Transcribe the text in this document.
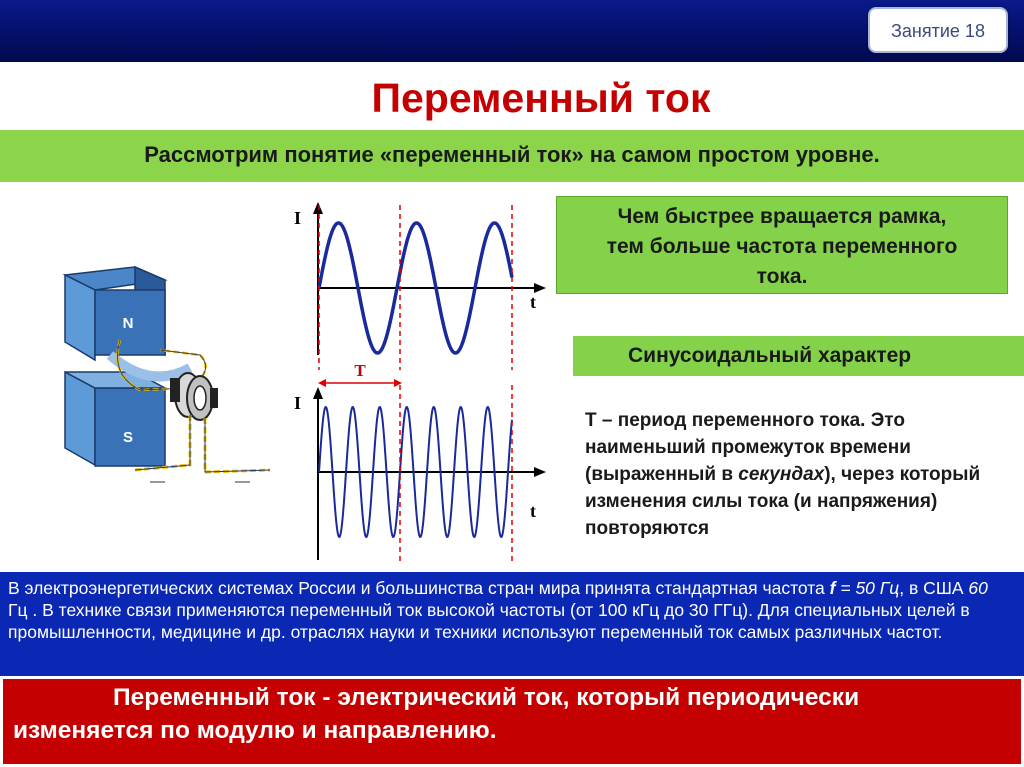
Занятие 18
Переменный ток
Рассмотрим понятие «переменный ток» на самом простом уровне.
N
S
I
t
T
I
t
Чем быстрее вращается рамка,
тем больше частота переменного
тока.
Синусоидальный характер

Т – период переменного тока. Это наименьший промежуток времени (выраженный в секундах), через который изменения силы тока (и напряжения) повторяются

В электроэнергетических системах России и большинства стран мира принята стандартная частота f = 50 Гц, в США 60 Гц . В технике связи применяются переменный ток высокой частоты (от 100 кГц до 30 ГГц). Для специальных целей в промышленности, медицине и др. отраслях науки и техники используют переменный ток самых различных частот.
Переменный ток - электрический ток, который периодически
изменяется по модулю и направлению.
